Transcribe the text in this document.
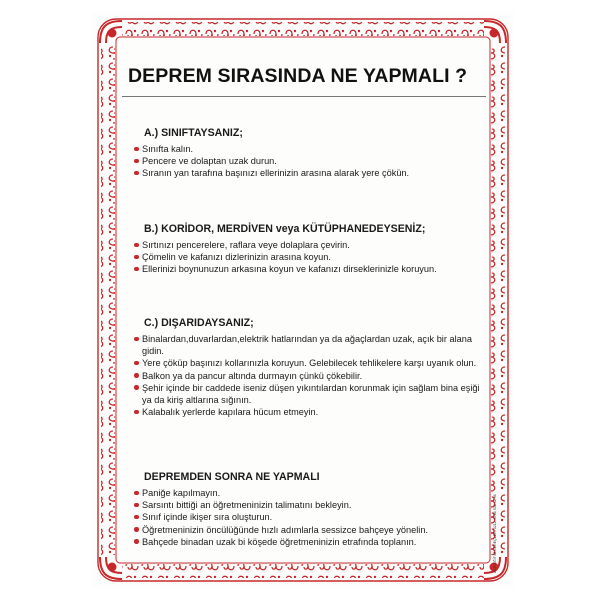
DEPREM SIRASINDA NE YAPMALI ?
A.) SINIFTAYSANIZ;
Sınıfta kalın.
Pencere ve dolaptan uzak durun.
Sıranın yan tarafına başınızı ellerinizin arasına alarak yere çökün.
B.) KORİDOR, MERDİVEN veya KÜTÜPHANEDEYSENİZ;
Sırtınızı pencerelere, raflara veye dolaplara çevirin.
Çömelin ve kafanızı dizlerinizin arasına koyun.
Ellerinizi boynunuzun arkasına koyun ve kafanızı dirseklerinizle koruyun.
C.) DIŞARIDAYSANIZ;
Binalardan,duvarlardan,elektrik hatlarından ya da ağaçlardan uzak, açık bir alana gidin.
Yere çöküp başınızı kollarınızla koruyun. Gelebilecek tehlikelere karşı uyanık olun.
Balkon ya da pancur altında durmayın çünkü çökebilir.
Şehir içinde bir caddede iseniz düşen yıkıntılardan korunmak için sağlam bina eşiği ya da kiriş altlarına sığının.
Kalabalık yerlerde kapılara hücum etmeyin.
DEPREMDEN SONRA NE YAPMALI
Paniğe kapılmayın.
Sarsıntı bittiği an öğretmeninizin talimatını bekleyin.
Sınıf içinde ikişer sıra oluşturun.
Öğretmeninizin öncülüğünde hızlı adımlarla sessizce bahçeye yönelin.
Bahçede binadan uzak bi köşede öğretmeninizin etrafında toplanın.	AKG EĞİTİM GEREÇLERİ 0212 45 86 538 42 96
